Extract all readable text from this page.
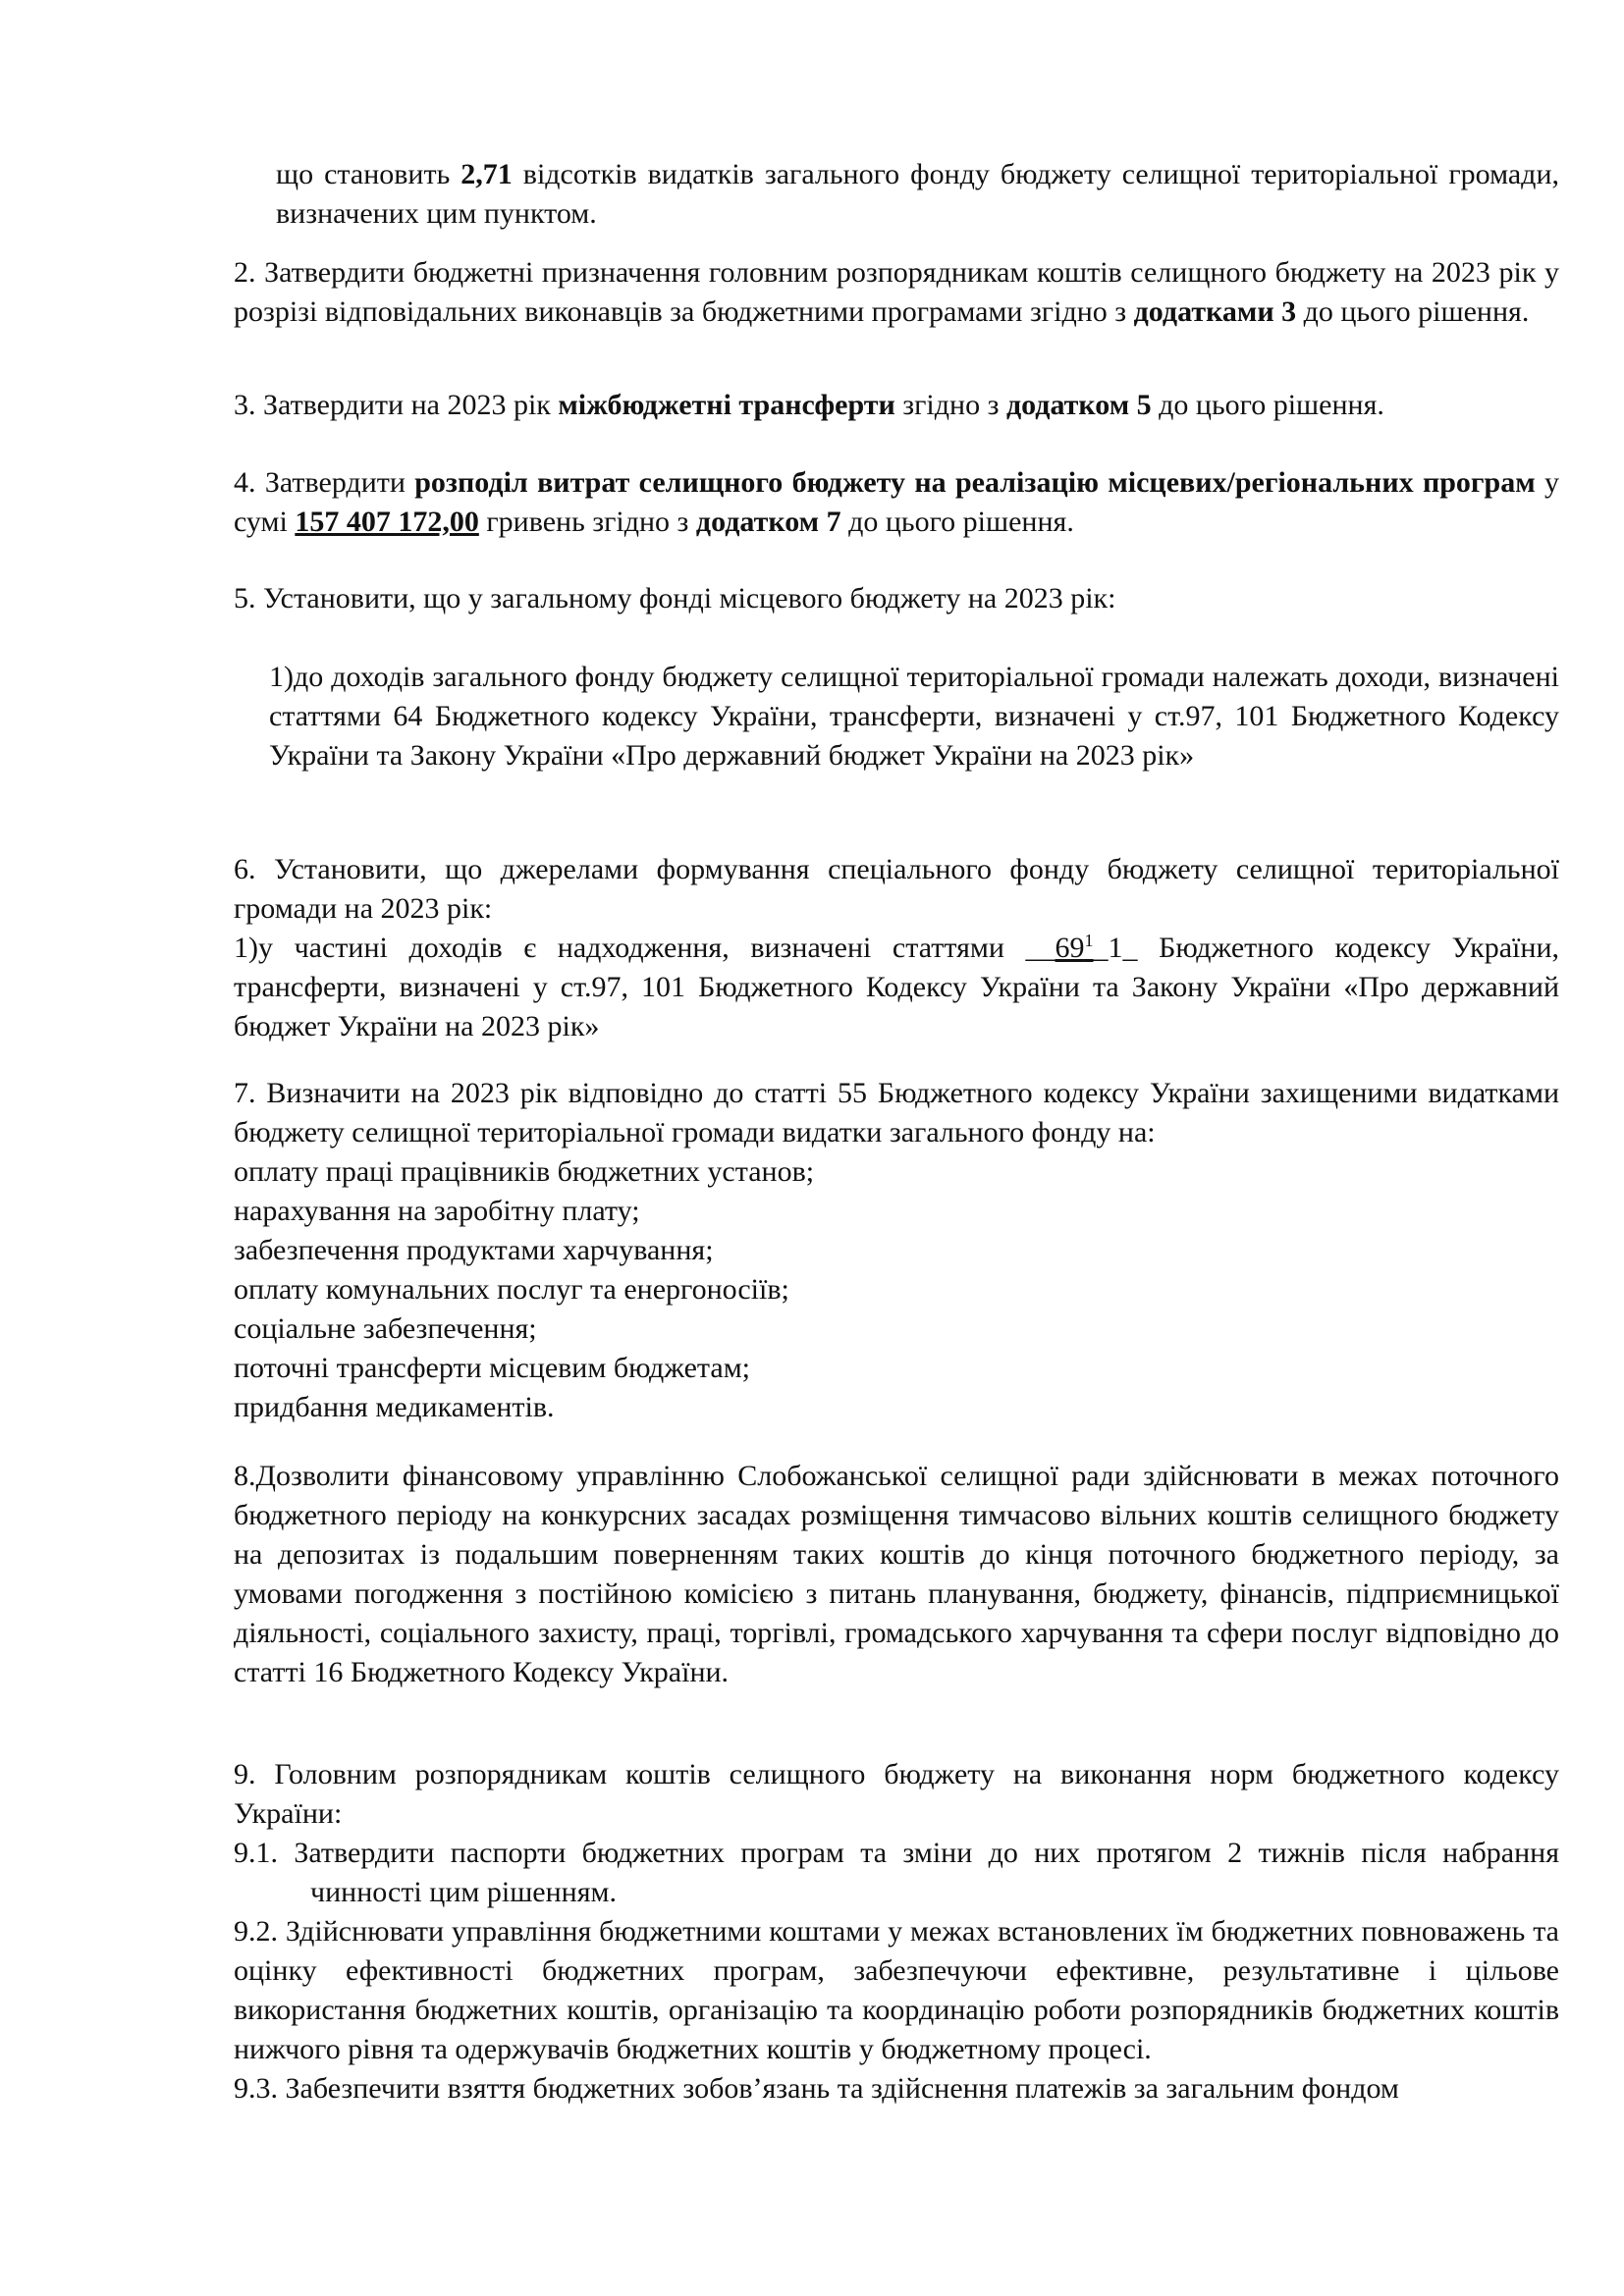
що становить 2,71 відсотків видатків загального фонду бюджету селищної територіальної громади, визначених цим пунктом.

2. Затвердити бюджетні призначення головним розпорядникам коштів селищного бюджету на 2023 рік у розрізі відповідальних виконавців за бюджетними програмами згідно з додатками 3 до цього рішення.

3. Затвердити на 2023 рік міжбюджетні трансферти згідно з додатком 5 до цього рішення.

4. Затвердити розподіл витрат селищного бюджету на реалізацію місцевих/регіональних програм у сумі 157 407 172,00 гривень згідно з додатком 7 до цього рішення.

5. Установити, що у загальному фонді місцевого бюджету на 2023 рік:

1)до доходів загального фонду бюджету селищної територіальної громади належать доходи, визначені статтями 64 Бюджетного кодексу України, трансферти, визначені у ст.97, 101 Бюджетного Кодексу України та Закону України «Про державний бюджет України на 2023 рік»

6. Установити, що джерелами формування спеціального фонду бюджету селищної територіальної громади на 2023 рік:

1)у частині доходів є надходження, визначені статтями $\_\_69^1\_1\_$ Бюджетного кодексу України, трансферти, визначені у ст.97, 101 Бюджетного Кодексу України та Закону України «Про державний бюджет України на 2023 рік»

7. Визначити на 2023 рік відповідно до статті 55 Бюджетного кодексу України захищеними видатками бюджету селищної територіальної громади видатки загального фонду на:

оплату праці працівників бюджетних установ;

нарахування на заробітну плату;

забезпечення продуктами харчування;

оплату комунальних послуг та енергоносіїв;

соціальне забезпечення;

поточні трансферти місцевим бюджетам;

придбання медикаментів.

8.Дозволити фінансовому управлінню Слобожанської селищної ради здійснювати в межах поточного бюджетного періоду на конкурсних засадах розміщення тимчасово вільних коштів селищного бюджету на депозитах із подальшим поверненням таких коштів до кінця поточного бюджетного періоду, за умовами погодження з постійною комісією з питань планування, бюджету, фінансів, підприємницької діяльності, соціального захисту, праці, торгівлі, громадського харчування та сфери послуг відповідно до статті 16 Бюджетного Кодексу України.

9. Головним розпорядникам коштів селищного бюджету на виконання норм бюджетного кодексу України:

9.1. Затвердити паспорти бюджетних програм та зміни до них протягом 2 тижнів після набрання чинності цим рішенням.

9.2. Здійснювати управління бюджетними коштами у межах встановлених їм бюджетних повноважень та оцінку ефективності бюджетних програм, забезпечуючи ефективне, результативне і цільове використання бюджетних коштів, організацію та координацію роботи розпорядників бюджетних коштів нижчого рівня та одержувачів бюджетних коштів у бюджетному процесі.

9.3. Забезпечити взяття бюджетних зобов’язань та здійснення платежів за загальним фондом
